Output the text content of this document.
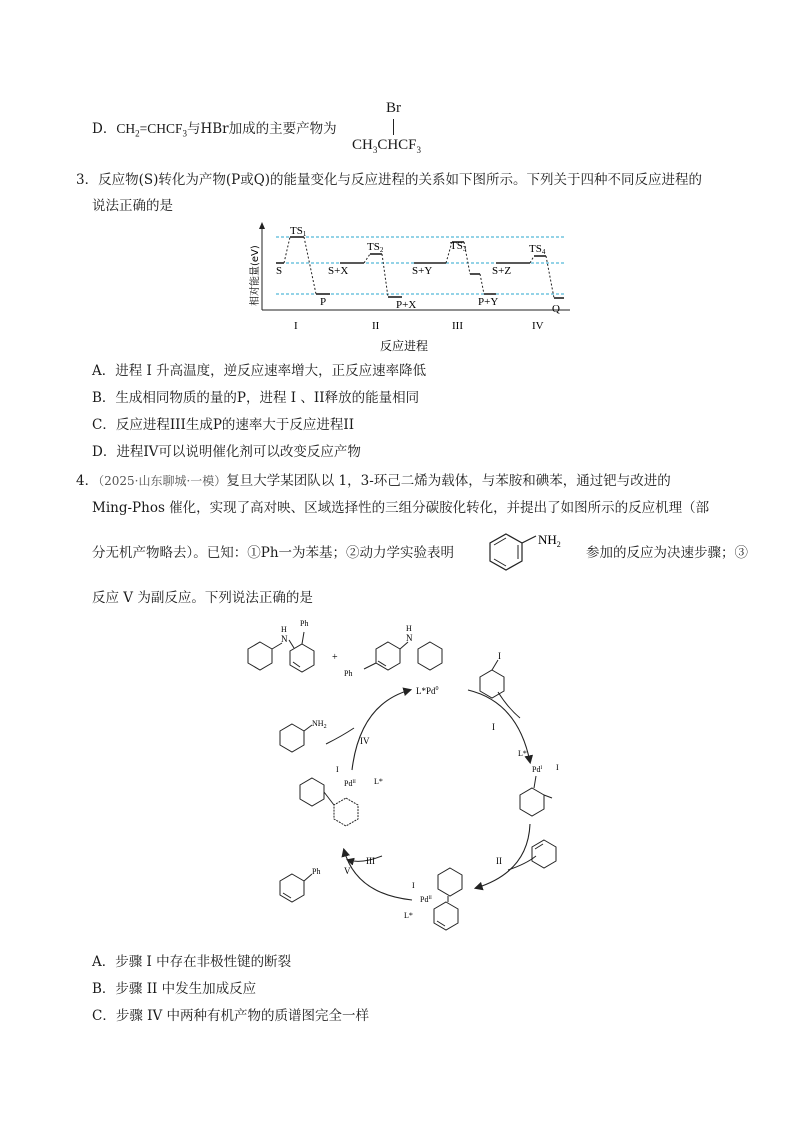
D．$CH_2=CHCF_3$与HBr加成的主要产物为
Br
$CH_3CHCF_3$
3．反应物(S)转化为产物(P或Q)的能量变化与反应进程的关系如下图所示。下列关于四种不同反应进程的
说法正确的是
TS1
TS2	TS3	TS4
S	S+X	S+Y	S+Z
P	P+X	P+Y
Q
I	II	III	IV
反应进程
相对能量(eV)
A．进程 I 升高温度，逆反应速率增大，正反应速率降低
B．生成相同物质的量的P，进程 I 、II释放的能量相同
C．反应进程III生成P的速率大于反应进程II
D．进程IV可以说明催化剂可以改变反应产物
4．（2025·山东聊城·一模）复旦大学某团队以 1，3-环己二烯为载体，与苯胺和碘苯，通过钯与改进的
Ming-Phos 催化，实现了高对映、区域选择性的三组分碳胺化转化，并提出了如图所示的反应机理（部
分无机产物略去）。已知：①Ph一为苯基；②动力学实验表明
$NH_2$
参加的反应为决速步骤；③
反应 V 为副反应。下列说法正确的是
N
H
Ph
+
Ph
N
H
L*Pd$^0$
I
I
II
III
IV
V
$NH_2$
L*
$Pd^I$ I
I
L*
$Pd^{II}$
I
$Pd^{II}$ L*
Ph
A．步骤 I 中存在非极性键的断裂
B．步骤 II 中发生加成反应
C．步骤 IV 中两种有机产物的质谱图完全一样
